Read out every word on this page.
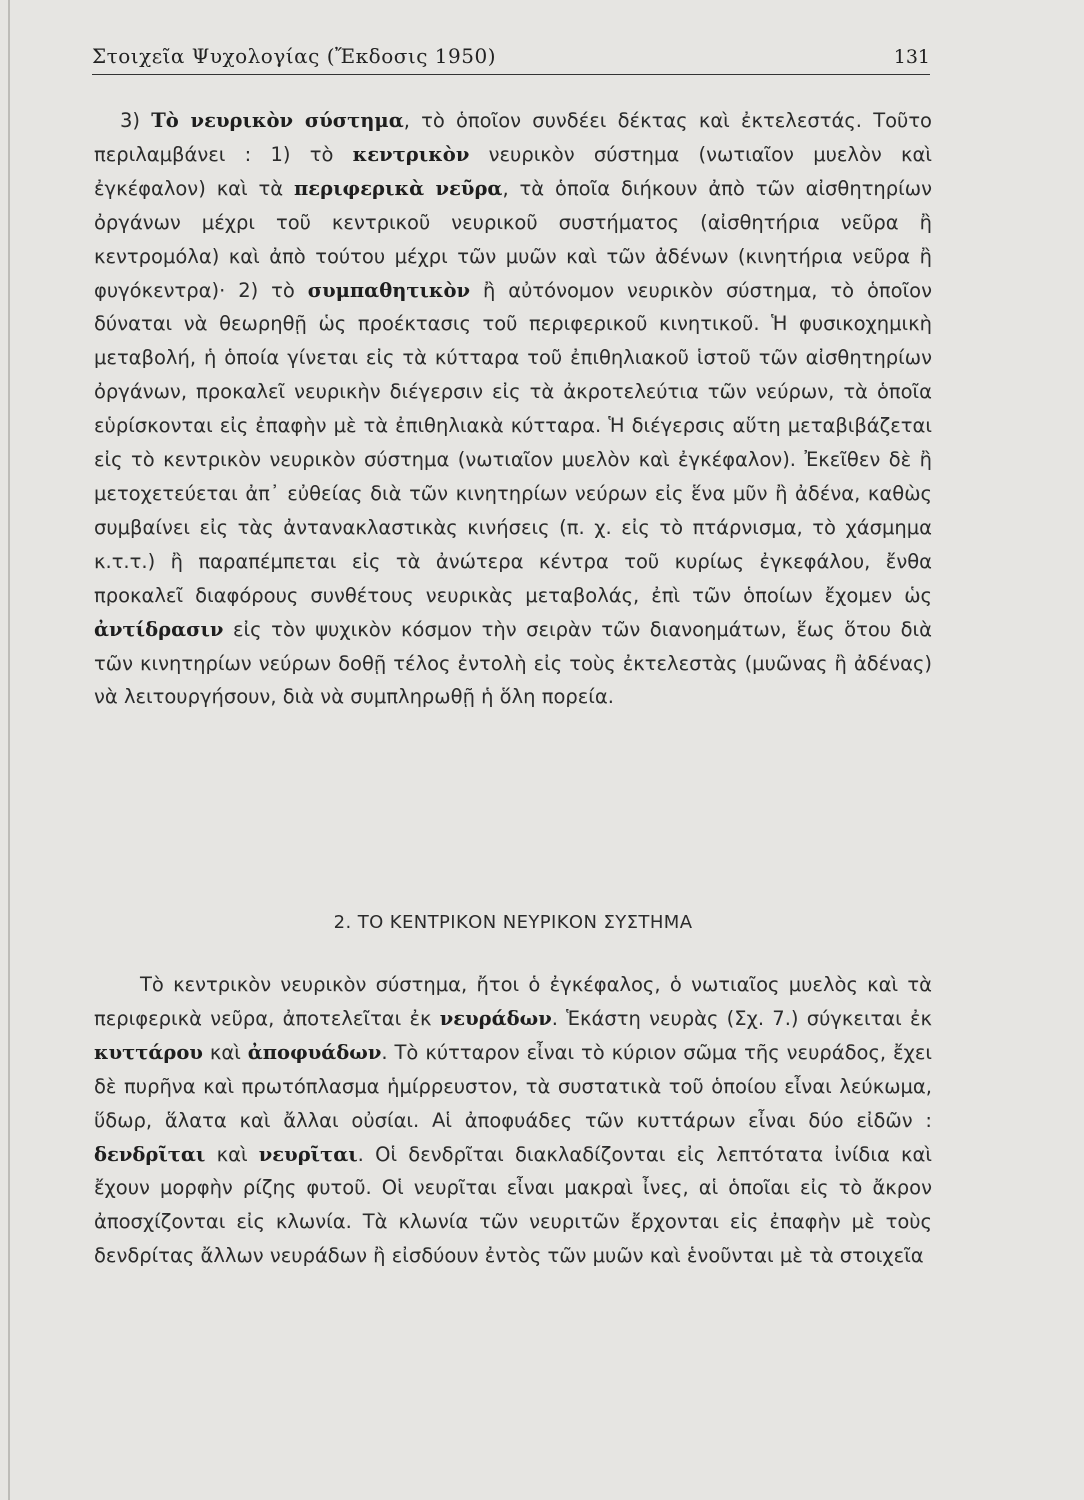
Στοιχεῖα Ψυχολογίας (Ἔκδοσις 1950)	131

3) Τὸ νευρικὸν σύστημα, τὸ ὁποῖον συνδέει δέκτας καὶ ἐκτελεστάς. Τοῦτο περιλαμβάνει : 1) τὸ κεντρικὸν νευρικὸν σύστημα (νωτιαῖον μυελὸν καὶ ἐγκέφαλον) καὶ τὰ περιφερικὰ νεῦρα, τὰ ὁποῖα διήκουν ἀπὸ τῶν αἰσθητηρίων ὀργάνων μέχρι τοῦ κεντρικοῦ νευρικοῦ συστήματος (αἰσθητήρια νεῦρα ἢ κεντρομόλα) καὶ ἀπὸ τούτου μέχρι τῶν μυῶν καὶ τῶν ἀδένων (κινητήρια νεῦρα ἢ φυγόκεντρα)· 2) τὸ συμπαθητικὸν ἢ αὐτόνομον νευρικὸν σύστημα, τὸ ὁποῖον δύναται νὰ θεωρηθῇ ὡς προέκτασις τοῦ περιφερικοῦ κινητικοῦ. Ἡ φυσικοχημικὴ μεταβολή, ἡ ὁποία γίνεται εἰς τὰ κύτταρα τοῦ ἐπιθηλιακοῦ ἱστοῦ τῶν αἰσθητηρίων ὀργάνων, προκαλεῖ νευρικὴν διέγερσιν εἰς τὰ ἀκροτελεύτια τῶν νεύρων, τὰ ὁποῖα εὑρίσκονται εἰς ἐπαφὴν μὲ τὰ ἐπιθηλιακὰ κύτταρα. Ἡ διέγερσις αὕτη μεταβιβάζεται εἰς τὸ κεντρικὸν νευρικὸν σύστημα (νωτιαῖον μυελὸν καὶ ἐγκέφαλον). Ἐκεῖθεν δὲ ἢ μετοχετεύεται ἀπ᾽ εὐθείας διὰ τῶν κινητηρίων νεύρων εἰς ἕνα μῦν ἢ ἀδένα, καθὼς συμβαίνει εἰς τὰς ἀντανακλαστικὰς κινήσεις (π. χ. εἰς τὸ πτάρνισμα, τὸ χάσμημα κ.τ.τ.) ἢ παραπέμπεται εἰς τὰ ἀνώτερα κέντρα τοῦ κυρίως ἐγκεφάλου, ἔνθα προκαλεῖ διαφόρους συνθέτους νευρικὰς μεταβολάς, ἐπὶ τῶν ὁποίων ἔχομεν ὡς ἀντίδρασιν εἰς τὸν ψυχικὸν κόσμον τὴν σειρὰν τῶν διανοημάτων, ἕως ὅτου διὰ τῶν κινητηρίων νεύρων δοθῇ τέλος ἐντολὴ εἰς τοὺς ἐκτελεστὰς (μυῶνας ἢ ἀδένας) νὰ λειτουργήσουν, διὰ νὰ συμπληρωθῇ ἡ ὅλη πορεία.

2. ΤΟ ΚΕΝΤΡΙΚΟΝ ΝΕΥΡΙΚΟΝ ΣΥΣΤΗΜΑ

Τὸ κεντρικὸν νευρικὸν σύστημα, ἤτοι ὁ ἐγκέφαλος, ὁ νωτιαῖος μυελὸς καὶ τὰ περιφερικὰ νεῦρα, ἀποτελεῖται ἐκ νευράδων. Ἑκάστη νευρὰς (Σχ. 7.) σύγκειται ἐκ κυττάρου καὶ ἀποφυάδων. Τὸ κύτταρον εἶναι τὸ κύριον σῶμα τῆς νευράδος, ἔχει δὲ πυρῆνα καὶ πρωτόπλασμα ἡμίρρευστον, τὰ συστατικὰ τοῦ ὁποίου εἶναι λεύκωμα, ὕδωρ, ἅλατα καὶ ἄλλαι οὐσίαι. Αἱ ἀποφυάδες τῶν κυττάρων εἶναι δύο εἰδῶν : δενδρῖται καὶ νευρῖται. Οἱ δενδρῖται διακλαδίζονται εἰς λεπτότατα ἰνίδια καὶ ἔχουν μορφὴν ρίζης φυτοῦ. Οἱ νευρῖται εἶναι μακραὶ ἶνες, αἱ ὁποῖαι εἰς τὸ ἄκρον ἀποσχίζονται εἰς κλωνία. Τὰ κλωνία τῶν νευριτῶν ἔρχονται εἰς ἐπαφὴν μὲ τοὺς δενδρίτας ἄλλων νευράδων ἢ εἰσδύουν ἐντὸς τῶν μυῶν καὶ ἑνοῦνται μὲ τὰ στοιχεῖα
